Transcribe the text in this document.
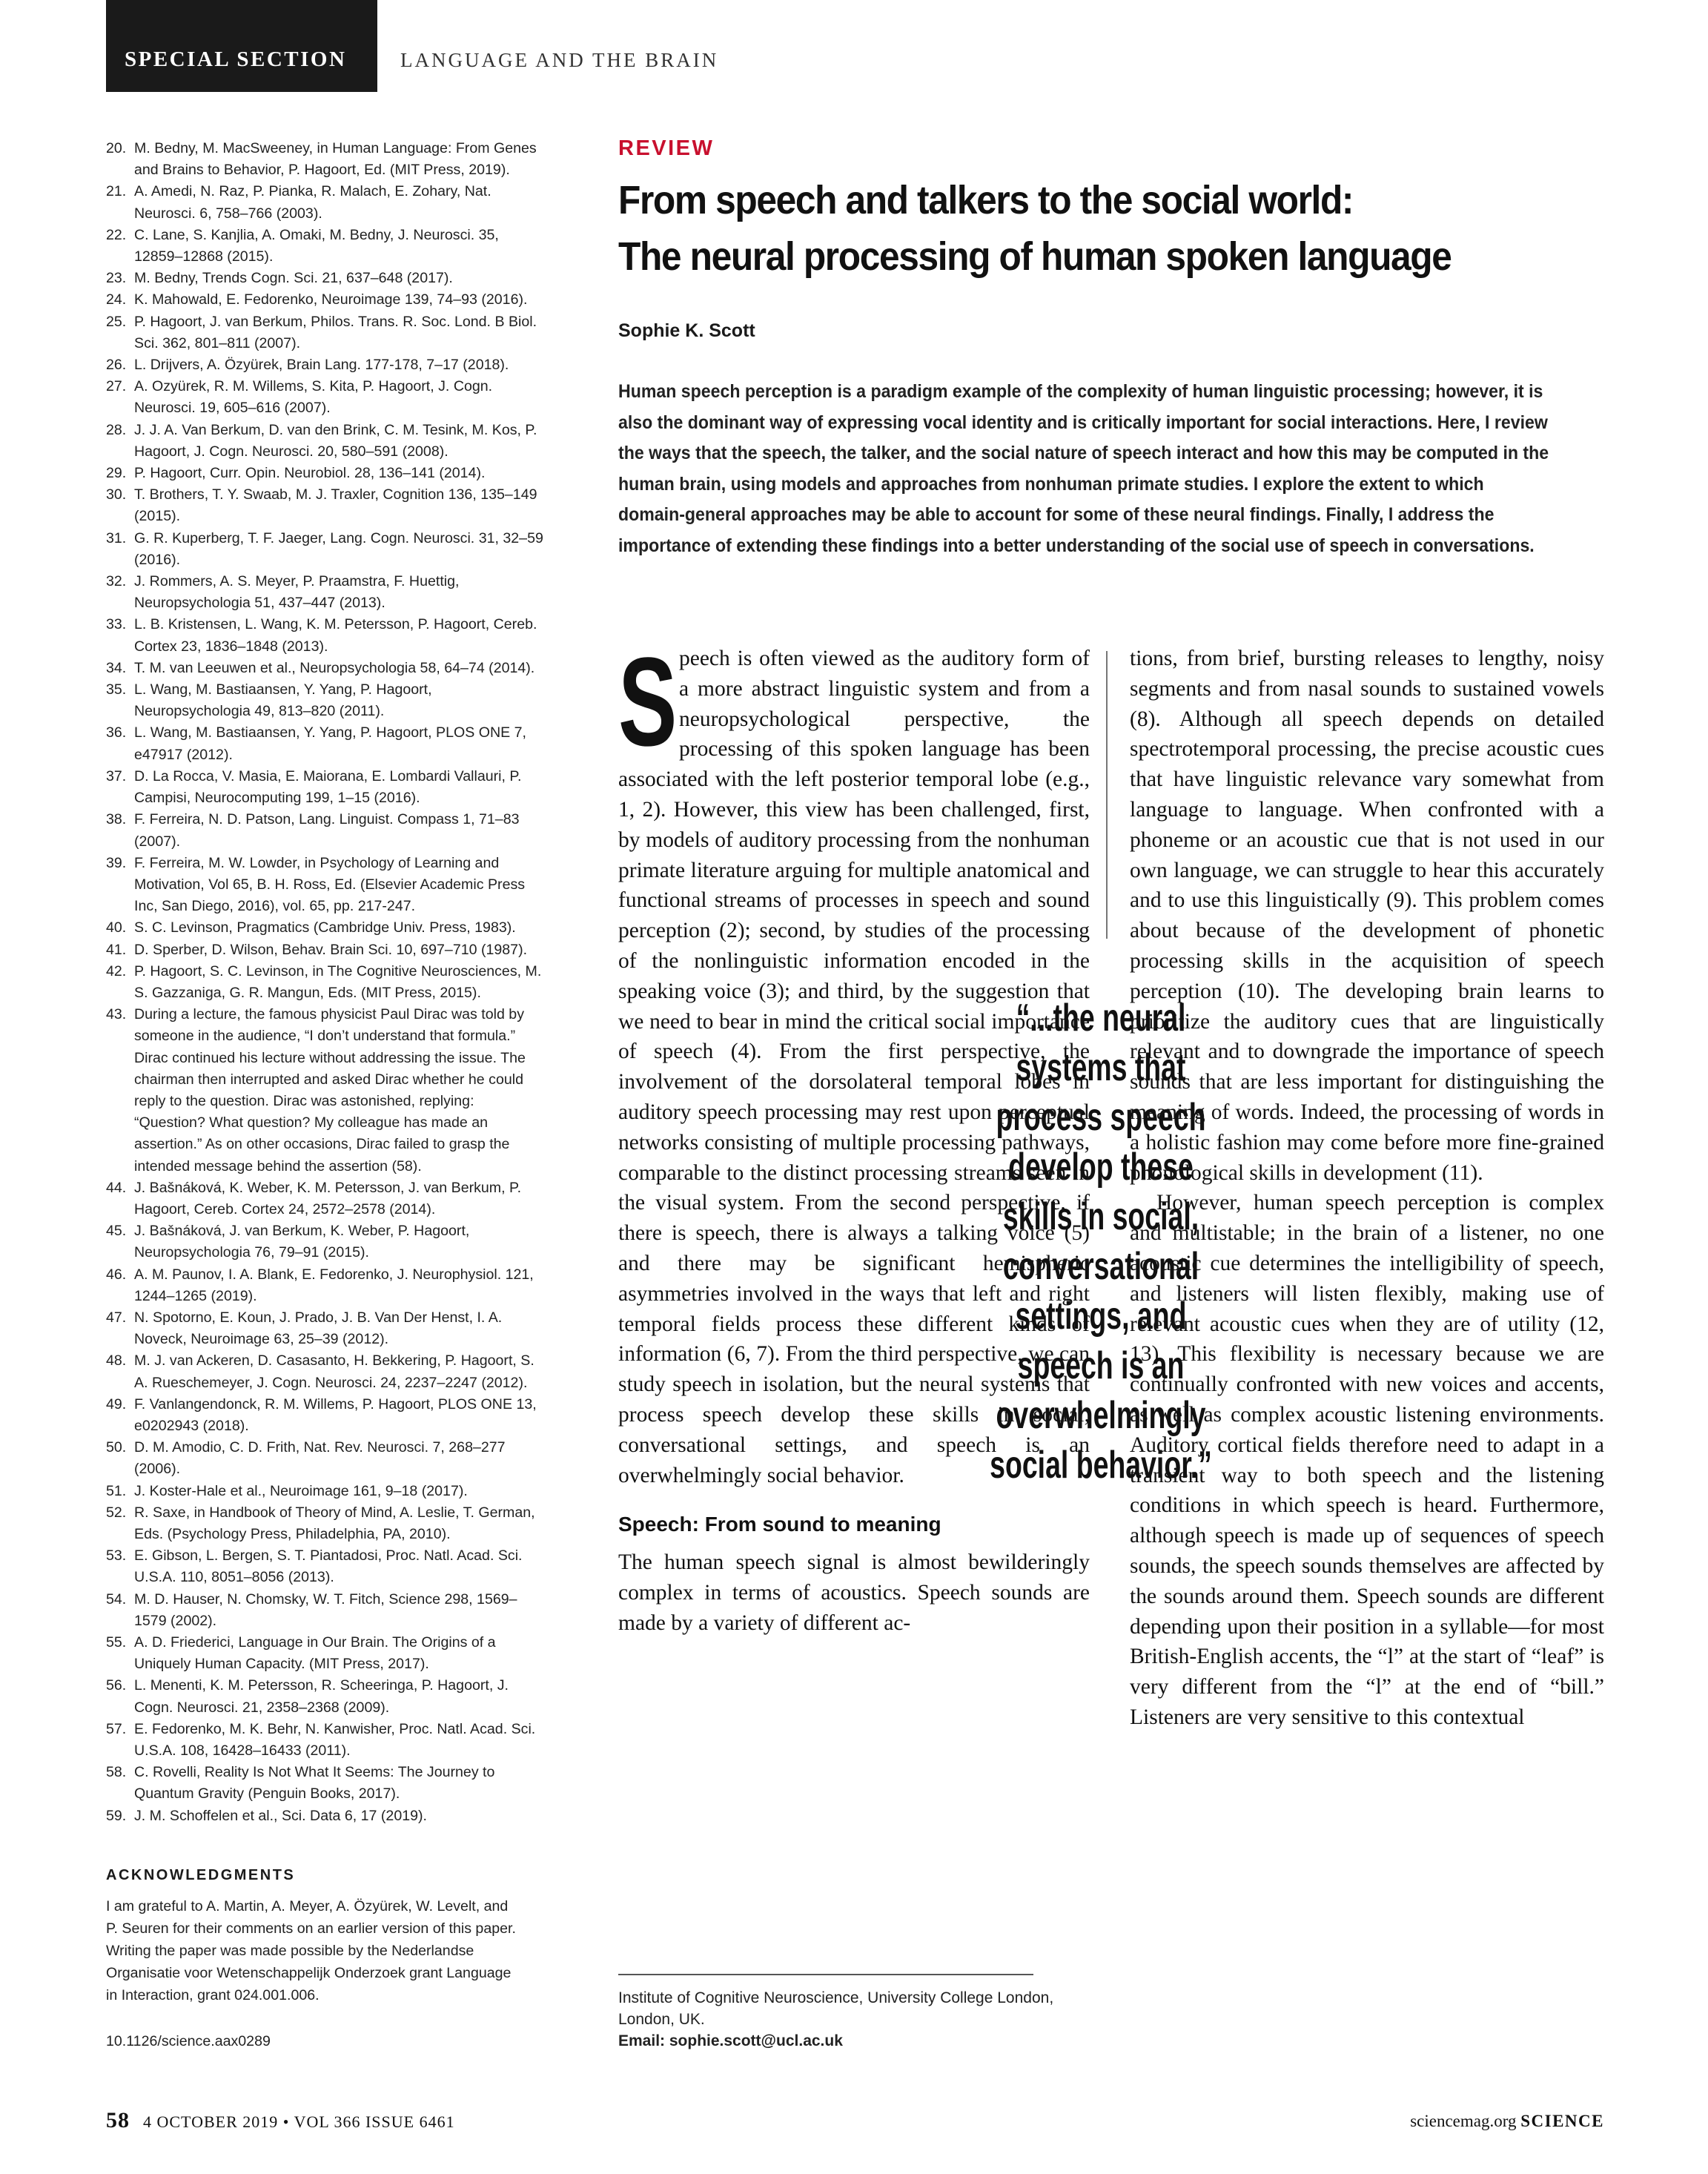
SPECIAL SECTION	LANGUAGE AND THE BRAIN
20. M. Bedny, M. MacSweeney, in Human Language: From Genes and Brains to Behavior, P. Hagoort, Ed. (MIT Press, 2019).
21. A. Amedi, N. Raz, P. Pianka, R. Malach, E. Zohary, Nat. Neurosci. 6, 758–766 (2003).
22. C. Lane, S. Kanjlia, A. Omaki, M. Bedny, J. Neurosci. 35, 12859–12868 (2015).
23. M. Bedny, Trends Cogn. Sci. 21, 637–648 (2017).
24. K. Mahowald, E. Fedorenko, Neuroimage 139, 74–93 (2016).
25. P. Hagoort, J. van Berkum, Philos. Trans. R. Soc. Lond. B Biol. Sci. 362, 801–811 (2007).
26. L. Drijvers, A. Özyürek, Brain Lang. 177-178, 7–17 (2018).
27. A. Ozyürek, R. M. Willems, S. Kita, P. Hagoort, J. Cogn. Neurosci. 19, 605–616 (2007).
28. J. J. A. Van Berkum, D. van den Brink, C. M. Tesink, M. Kos, P. Hagoort, J. Cogn. Neurosci. 20, 580–591 (2008).
29. P. Hagoort, Curr. Opin. Neurobiol. 28, 136–141 (2014).
30. T. Brothers, T. Y. Swaab, M. J. Traxler, Cognition 136, 135–149 (2015).
31. G. R. Kuperberg, T. F. Jaeger, Lang. Cogn. Neurosci. 31, 32–59 (2016).
32. J. Rommers, A. S. Meyer, P. Praamstra, F. Huettig, Neuropsychologia 51, 437–447 (2013).
33. L. B. Kristensen, L. Wang, K. M. Petersson, P. Hagoort, Cereb. Cortex 23, 1836–1848 (2013).
34. T. M. van Leeuwen et al., Neuropsychologia 58, 64–74 (2014).
35. L. Wang, M. Bastiaansen, Y. Yang, P. Hagoort, Neuropsychologia 49, 813–820 (2011).
36. L. Wang, M. Bastiaansen, Y. Yang, P. Hagoort, PLOS ONE 7, e47917 (2012).
37. D. La Rocca, V. Masia, E. Maiorana, E. Lombardi Vallauri, P. Campisi, Neurocomputing 199, 1–15 (2016).
38. F. Ferreira, N. D. Patson, Lang. Linguist. Compass 1, 71–83 (2007).
39. F. Ferreira, M. W. Lowder, in Psychology of Learning and Motivation, Vol 65, B. H. Ross, Ed. (Elsevier Academic Press Inc, San Diego, 2016), vol. 65, pp. 217-247.
40. S. C. Levinson, Pragmatics (Cambridge Univ. Press, 1983).
41. D. Sperber, D. Wilson, Behav. Brain Sci. 10, 697–710 (1987).
42. P. Hagoort, S. C. Levinson, in The Cognitive Neurosciences, M. S. Gazzaniga, G. R. Mangun, Eds. (MIT Press, 2015).
43. During a lecture, the famous physicist Paul Dirac was told by someone in the audience, “I don’t understand that formula.” Dirac continued his lecture without addressing the issue. The chairman then interrupted and asked Dirac whether he could reply to the question. Dirac was astonished, replying: “Question? What question? My colleague has made an assertion.” As on other occasions, Dirac failed to grasp the intended message behind the assertion (58).
44. J. Bašnáková, K. Weber, K. M. Petersson, J. van Berkum, P. Hagoort, Cereb. Cortex 24, 2572–2578 (2014).
45. J. Bašnáková, J. van Berkum, K. Weber, P. Hagoort, Neuropsychologia 76, 79–91 (2015).
46. A. M. Paunov, I. A. Blank, E. Fedorenko, J. Neurophysiol. 121, 1244–1265 (2019).
47. N. Spotorno, E. Koun, J. Prado, J. B. Van Der Henst, I. A. Noveck, Neuroimage 63, 25–39 (2012).
48. M. J. van Ackeren, D. Casasanto, H. Bekkering, P. Hagoort, S. A. Rueschemeyer, J. Cogn. Neurosci. 24, 2237–2247 (2012).
49. F. Vanlangendonck, R. M. Willems, P. Hagoort, PLOS ONE 13, e0202943 (2018).
50. D. M. Amodio, C. D. Frith, Nat. Rev. Neurosci. 7, 268–277 (2006).
51. J. Koster-Hale et al., Neuroimage 161, 9–18 (2017).
52. R. Saxe, in Handbook of Theory of Mind, A. Leslie, T. German, Eds. (Psychology Press, Philadelphia, PA, 2010).
53. E. Gibson, L. Bergen, S. T. Piantadosi, Proc. Natl. Acad. Sci. U.S.A. 110, 8051–8056 (2013).
54. M. D. Hauser, N. Chomsky, W. T. Fitch, Science 298, 1569–1579 (2002).
55. A. D. Friederici, Language in Our Brain. The Origins of a Uniquely Human Capacity. (MIT Press, 2017).
56. L. Menenti, K. M. Petersson, R. Scheeringa, P. Hagoort, J. Cogn. Neurosci. 21, 2358–2368 (2009).
57. E. Fedorenko, M. K. Behr, N. Kanwisher, Proc. Natl. Acad. Sci. U.S.A. 108, 16428–16433 (2011).
58. C. Rovelli, Reality Is Not What It Seems: The Journey to Quantum Gravity (Penguin Books, 2017).
59. J. M. Schoffelen et al., Sci. Data 6, 17 (2019).
ACKNOWLEDGMENTS
I am grateful to A. Martin, A. Meyer, A. Özyürek, W. Levelt, and
P. Seuren for their comments on an earlier version of this paper.
Writing the paper was made possible by the Nederlandse
Organisatie voor Wetenschappelijk Onderzoek grant Language
in Interaction, grant 024.001.006.
10.1126/science.aax0289
REVIEW
From speech and talkers to the social world:
The neural processing of human spoken language
Sophie K. Scott
Human speech perception is a paradigm example of the complexity of human linguistic processing; however, it is also the dominant way of expressing vocal identity and is critically important for social interactions. Here, I review the ways that the speech, the talker, and the social nature of speech interact and how this may be computed in the human brain, using models and approaches from nonhuman primate studies. I explore the extent to which domain-general approaches may be able to account for some of these neural findings. Finally, I address the importance of extending these findings into a better understanding of the social use of speech in conversations.
S peech is often viewed as the auditory form of a more abstract linguistic system and from a neuropsychological perspective, the processing of this spoken language has been associated with the left posterior temporal lobe (e.g., 1, 2). However, this view has been challenged, first, by models of auditory processing from the nonhuman primate literature arguing for multiple anatomical and functional streams of processes in speech and sound perception (2); second, by studies of the processing of the nonlinguistic information encoded in the speaking voice (3); and third, by the suggestion that we need to bear in mind the critical social importance of speech (4). From the first perspective, the involvement of the dorsolateral temporal lobes in auditory speech processing may rest upon perceptual networks consisting of multiple processing pathways, comparable to the distinct processing streams seen in the visual system. From the second perspective, if there is speech, there is always a talking voice (5) and there may be significant hemispheric asymmetries involved in the ways that left and right temporal fields process these different kinds of information (6, 7). From the third perspective, we can study speech in isolation, but the neural systems that process speech develop these skills in social, conversational settings, and speech is an overwhelmingly social behavior.
Speech: From sound to meaning
The human speech signal is almost bewilderingly complex in terms of acoustics. Speech sounds are made by a variety of different ac-
tions, from brief, bursting releases to lengthy, noisy segments and from nasal sounds to sustained vowels (8). Although all speech depends on detailed spectrotemporal processing, the precise acoustic cues that have linguistic relevance vary somewhat from language to language. When confronted with a phoneme or an acoustic cue that is not used in our own language, we can struggle to hear this accurately and to use this linguistically (9). This problem comes about because of the development of phonetic processing skills in the acquisition of speech perception (10). The developing brain learns to prioritize the auditory cues that are linguistically relevant and to downgrade the importance of speech sounds that are less important for distinguishing the meaning of words. Indeed, the processing of words in a holistic fashion may come before more fine-grained phonological skills in development (11).
However, human speech perception is complex and multistable; in the brain of a listener, no one acoustic cue determines the intelligibility of speech, and listeners will listen flexibly, making use of relevant acoustic cues when they are of utility (12, 13). This flexibility is necessary because we are continually confronted with new voices and accents, as well as complex acoustic listening environments. Auditory cortical fields therefore need to adapt in a transient way to both speech and the listening conditions in which speech is heard. Furthermore, although speech is made up of sequences of speech sounds, the speech sounds themselves are affected by the sounds around them. Speech sounds are different depending upon their position in a syllable—for most British-English accents, the “l” at the start of “leaf” is very different from the “l” at the end of “bill.” Listeners are very sensitive to this contextual
“...the neural systems that process speech develop these skills in social, conversational settings, and speech is an overwhelmingly social behavior.”
Institute of Cognitive Neuroscience, University College London, London, UK.
Email: sophie.scott@ucl.ac.uk
58 4 OCTOBER 2019 • VOL 366 ISSUE 6461	sciencemag.org SCIENCE
